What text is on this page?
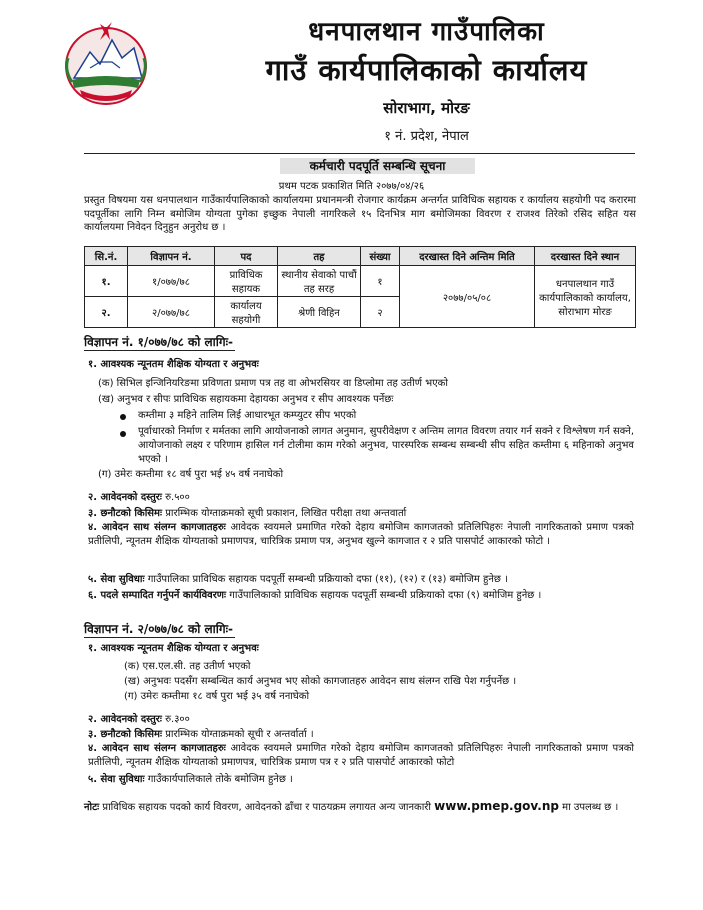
धनपालथान गाउँपालिका
गाउँ कार्यपालिकाको कार्यालय
सोराभाग, मोरङ
१ नं. प्रदेश, नेपाल
कर्मचारी पदपूर्ति सम्बन्धि सूचना
प्रथम पटक प्रकाशित मिति २०७७/०४/२६
प्रस्तुत विषयमा यस धनपालथान गाउँकार्यपालिकाको कार्यालयमा प्रधानमन्त्री रोजगार कार्यक्रम अन्तर्गत प्राविधिक सहायक र कार्यालय सहयोगी पद करारमा पदपूर्तीका लागि निम्न बमोजिम योग्यता पुगेका इच्छुक नेपाली नागरिकले १५ दिनभित्र माग बमोजिमका विवरण र राजश्व तिरेको रसिद सहित यस कार्यालयमा निवेदन दिनुहुन अनुरोध छ ।
सि.नं.	विज्ञापन नं.	पद	तह	संख्या	दरखास्त दिने अन्तिम मिति	दरखास्त दिने स्थान
१.	१/०७७/७८	प्राविधिक सहायक	स्थानीय सेवाको पाचौं तह सरह	१	२०७७/०५/०८	धनपालथान गाउँ कार्यपालिकाको कार्यालय, सोराभाग मोरङ
२.	२/०७७/७८	कार्यालय सहयोगी	श्रेणी विहिन	२		
विज्ञापन नं. १/०७७/७८ को लागिः-
१. आवश्यक न्यूनतम शैक्षिक योग्यता र अनुभवः
(क) सिभिल इन्जिनियरिङमा प्रविणता प्रमाण पत्र तह वा ओभरसियर वा डिप्लोमा तह उतीर्ण भएको
(ख) अनुभव र सीपः प्राविधिक सहायकमा देहायका अनुभव र सीप आवश्यक पर्नेछः
कम्तीमा ३ महिने तालिम लिई आधारभूत कम्प्युटर सीप भएको
पूर्वाधारको निर्माण र मर्मतका लागि आयोजनाको लागत अनुमान, सुपरीवेक्षण र अन्तिम लागत विवरण तयार गर्न सक्ने र विश्लेषण गर्न सक्ने, आयोजनाको लक्ष्य र परिणाम हासिल गर्न टोलीमा काम गरेको अनुभव, पारस्परिक सम्बन्ध सम्बन्धी सीप सहित कम्तीमा ६ महिनाको अनुभव भएको ।
(ग) उमेरः कम्तीमा १८ वर्ष पुरा भई ४५ वर्ष ननाघेको
२. आवेदनको दस्तुरः रु.५००
३. छनौटको किसिमः प्रारम्भिक योग्ताक्रमको सूची प्रकाशन, लिखित परीक्षा तथा अन्तवार्ता
४. आवेदन साथ संलग्न कागजातहरुः आवेदक स्वयमले प्रमाणित गरेको देहाय बमोजिम कागजतको प्रतिलिपिहरुः नेपाली नागरिकताको प्रमाण पत्रको प्रतीलिपी, न्यूनतम शैक्षिक योग्यताको प्रमाणपत्र, चारित्रिक प्रमाण पत्र, अनुभव खुल्ने कागजात र २ प्रति पासपोर्ट आकारको फोटो ।
५. सेवा सुविधाः गाउँपालिका प्राविधिक सहायक पदपूर्ती सम्बन्धी प्रक्रियाको दफा (११), (१२) र (१३) बमोजिम हुनेछ ।
६. पदले सम्पादित गर्नुपर्ने कार्यविवरणः गाउँपालिकाको प्राविधिक सहायक पदपूर्ती सम्बन्धी प्रक्रियाको दफा (९) बमोजिम हुनेछ ।
विज्ञापन नं. २/०७७/७८ को लागिः-
१. आवश्यक न्यूनतम शैक्षिक योग्यता र अनुभवः
(क) एस.एल.सी. तह उतीर्ण भएको
(ख) अनुभवः पदसँग सम्बन्धित कार्य अनुभव भए सोको कागजातहरु आवेदन साथ संलग्न राखि पेश गर्नुपर्नेछ ।
(ग) उमेरः कम्तीमा १८ वर्ष पुरा भई ३५ वर्ष ननाघेको
२. आवेदनको दस्तुरः रु.३००
३. छनौटको किसिमः प्रारम्भिक योग्ताक्रमको सूची र अन्तर्वार्ता ।
४. आवेदन साथ संलग्न कागजातहरुः आवेदक स्वयमले प्रमाणित गरेको देहाय बमोजिम कागजतको प्रतिलिपिहरुः नेपाली नागरिकताको प्रमाण पत्रको प्रतीलिपी, न्यूनतम शैक्षिक योग्यताको प्रमाणपत्र, चारित्रिक प्रमाण पत्र र २ प्रति पासपोर्ट आकारको फोटो
५. सेवा सुविधाः गाउँकार्यपालिकाले तोके बमोजिम हुनेछ ।
नोटः प्राविधिक सहायक पदको कार्य विवरण, आवेदनको ढाँचा र पाठयक्रम लगायत अन्य जानकारी www.pmep.gov.np मा उपलब्ध छ ।
